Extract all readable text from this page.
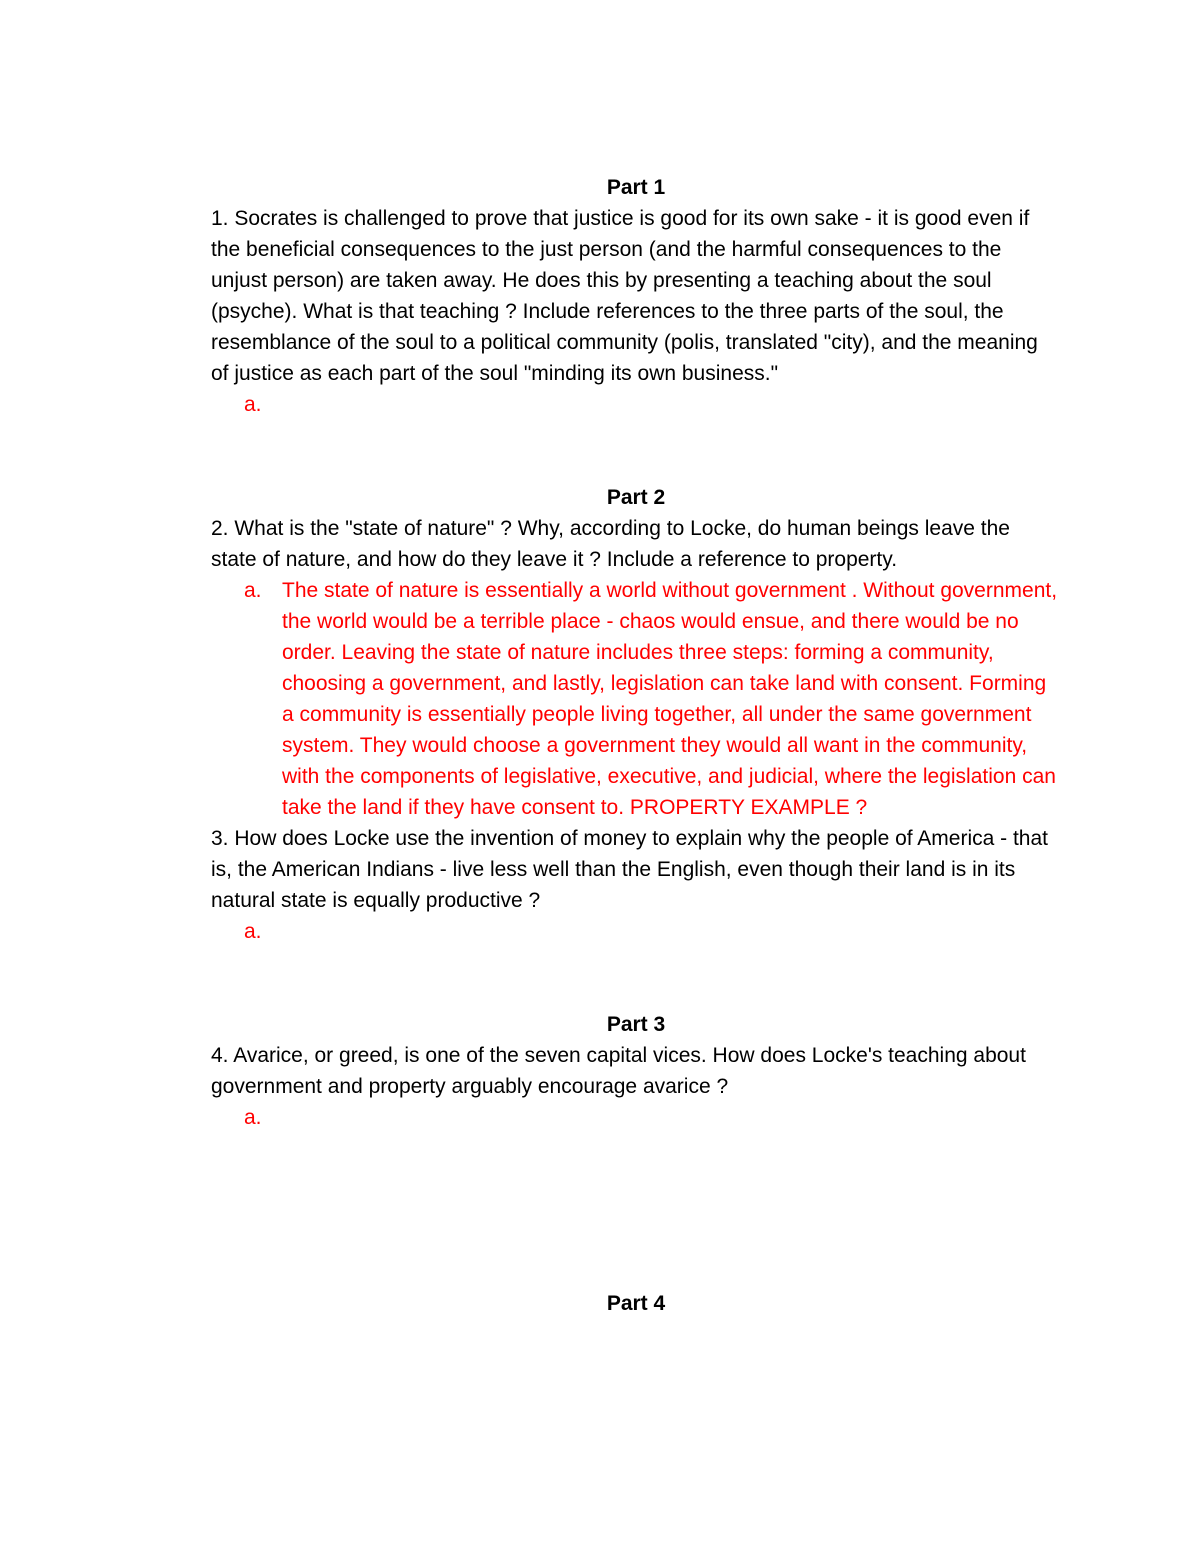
Part 1

1. Socrates is challenged to prove that justice is good for its own sake - it is good even if the beneficial consequences to the just person (and the harmful consequences to the unjust person) are taken away. He does this by presenting a teaching about the soul (psyche). What is that teaching ? Include references to the three parts of the soul, the resemblance of the soul to a political community (polis, translated "city), and the meaning of justice as each part of the soul "minding its own business."

a.

Part 2

2. What is the "state of nature" ? Why, according to Locke, do human beings leave the state of nature, and how do they leave it ? Include a reference to property.

a. The state of nature is essentially a world without government . Without government, the world would be a terrible place - chaos would ensue, and there would be no order. Leaving the state of nature includes three steps: forming a community, choosing a government, and lastly, legislation can take land with consent. Forming a community is essentially people living together, all under the same government system. They would choose a government they would all want in the community, with the components of legislative, executive, and judicial, where the legislation can take the land if they have consent to. PROPERTY EXAMPLE ?

3. How does Locke use the invention of money to explain why the people of America - that is, the American Indians - live less well than the English, even though their land is in its natural state is equally productive ?

a.

Part 3

4. Avarice, or greed, is one of the seven capital vices. How does Locke's teaching about government and property arguably encourage avarice ?

a.

Part 4
